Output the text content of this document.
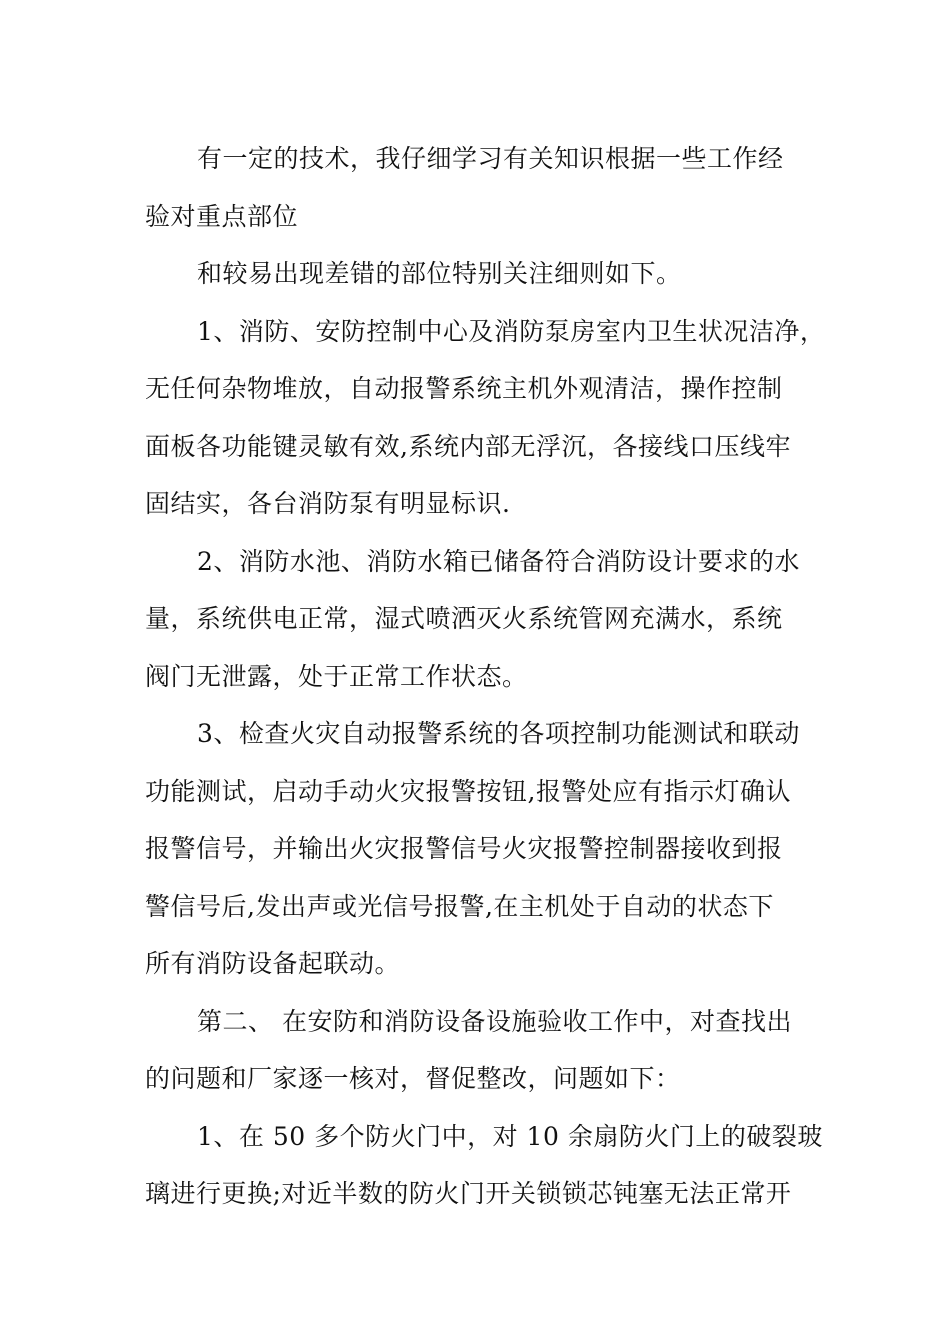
有一定的技术，我仔细学习有关知识根据一些工作经
验对重点部位
和较易出现差错的部位特别关注细则如下。
1、消防、安防控制中心及消防泵房室内卫生状况洁净，
无任何杂物堆放，自动报警系统主机外观清洁，操作控制
面板各功能键灵敏有效,系统内部无浮沉，各接线口压线牢
固结实，各台消防泵有明显标识.
2、消防水池、消防水箱已储备符合消防设计要求的水
量，系统供电正常，湿式喷洒灭火系统管网充满水，系统
阀门无泄露，处于正常工作状态。
3、检查火灾自动报警系统的各项控制功能测试和联动
功能测试，启动手动火灾报警按钮,报警处应有指示灯确认
报警信号，并输出火灾报警信号火灾报警控制器接收到报
警信号后,发出声或光信号报警,在主机处于自动的状态下
所有消防设备起联动。
第二、 在安防和消防设备设施验收工作中，对查找出
的问题和厂家逐一核对，督促整改，问题如下：
1、在 50 多个防火门中，对 10 余扇防火门上的破裂玻
璃进行更换;对近半数的防火门开关锁锁芯钝塞无法正常开
